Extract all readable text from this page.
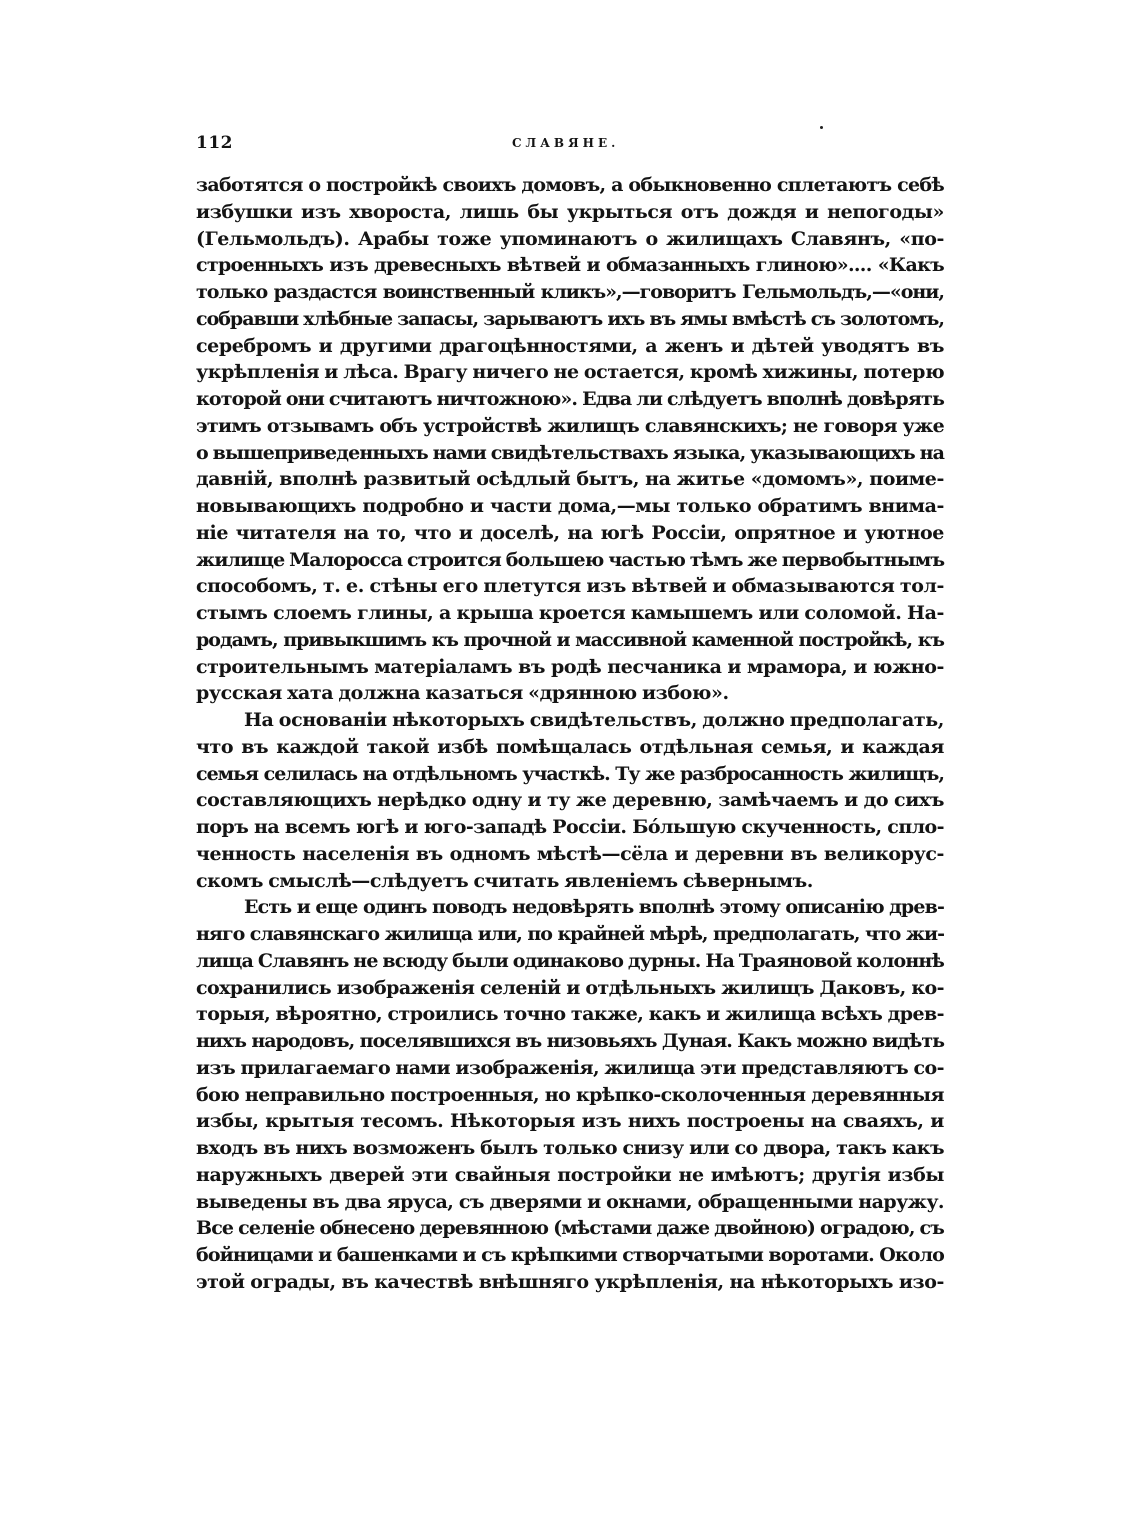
112	СЛАВЯНЕ.
заботятся о постройкѣ своихъ домовъ, а обыкновенно сплетаютъ себѣ
избушки изъ хвороста, лишь бы укрыться отъ дождя и непогоды»
(Гельмольдъ). Арабы тоже упоминаютъ о жилищахъ Славянъ, «по-
строенныхъ изъ древесныхъ вѣтвей и обмазанныхъ глиною».... «Какъ
только раздастся воинственный кликъ»,—говоритъ Гельмольдъ,—«они,
собравши хлѣбные запасы, зарываютъ ихъ въ ямы вмѣстѣ съ золотомъ,
серебромъ и другими драгоцѣнностями, а женъ и дѣтей уводятъ въ
укрѣпленія и лѣса. Врагу ничего не остается, кромѣ хижины, потерю
которой они считаютъ ничтожною». Едва ли слѣдуетъ вполнѣ довѣрять
этимъ отзывамъ объ устройствѣ жилищъ славянскихъ; не говоря уже
о вышеприведенныхъ нами свидѣтельствахъ языка, указывающихъ на
давній, вполнѣ развитый осѣдлый бытъ, на житье «домомъ», поиме-
новывающихъ подробно и части дома,—мы только обратимъ внима-
ніе читателя на то, что и доселѣ, на югѣ Россіи, опрятное и уютное
жилище Малоросса строится большею частью тѣмъ же первобытнымъ
способомъ, т. е. стѣны его плетутся изъ вѣтвей и обмазываются тол-
стымъ слоемъ глины, а крыша кроется камышемъ или соломой. На-
родамъ, привыкшимъ къ прочной и массивной каменной постройкѣ, къ
строительнымъ матеріаламъ въ родѣ песчаника и мрамора, и южно-
русская хата должна казаться «дрянною избою».
На основаніи нѣкоторыхъ свидѣтельствъ, должно предполагать,
что въ каждой такой избѣ помѣщалась отдѣльная семья, и каждая
семья селилась на отдѣльномъ участкѣ. Ту же разбросанность жилищъ,
составляющихъ нерѣдко одну и ту же деревню, замѣчаемъ и до сихъ
поръ на всемъ югѣ и юго-западѣ Россіи. Бо́льшую скученность, спло-
ченность населенія въ одномъ мѣстѣ—сёла и деревни въ великорус-
скомъ смыслѣ—слѣдуетъ считать явленіемъ сѣвернымъ.
Есть и еще одинъ поводъ недовѣрять вполнѣ этому описанію древ-
няго славянскаго жилища или, по крайней мѣрѣ, предполагать, что жи-
лища Славянъ не всюду были одинаково дурны. На Траяновой колоннѣ
сохранились изображенія селеній и отдѣльныхъ жилищъ Даковъ, ко-
торыя, вѣроятно, строились точно также, какъ и жилища всѣхъ древ-
нихъ народовъ, поселявшихся въ низовьяхъ Дуная. Какъ можно видѣть
изъ прилагаемаго нами изображенія, жилища эти представляютъ со-
бою неправильно построенныя, но крѣпко-сколоченныя деревянныя
избы, крытыя тесомъ. Нѣкоторыя изъ нихъ построены на сваяхъ, и
входъ въ нихъ возможенъ былъ только снизу или со двора, такъ какъ
наружныхъ дверей эти свайныя постройки не имѣютъ; другія избы
выведены въ два яруса, съ дверями и окнами, обращенными наружу.
Все селеніе обнесено деревянною (мѣстами даже двойною) оградою, съ
бойницами и башенками и съ крѣпкими створчатыми воротами. Около
этой ограды, въ качествѣ внѣшняго укрѣпленія, на нѣкоторыхъ изо-
